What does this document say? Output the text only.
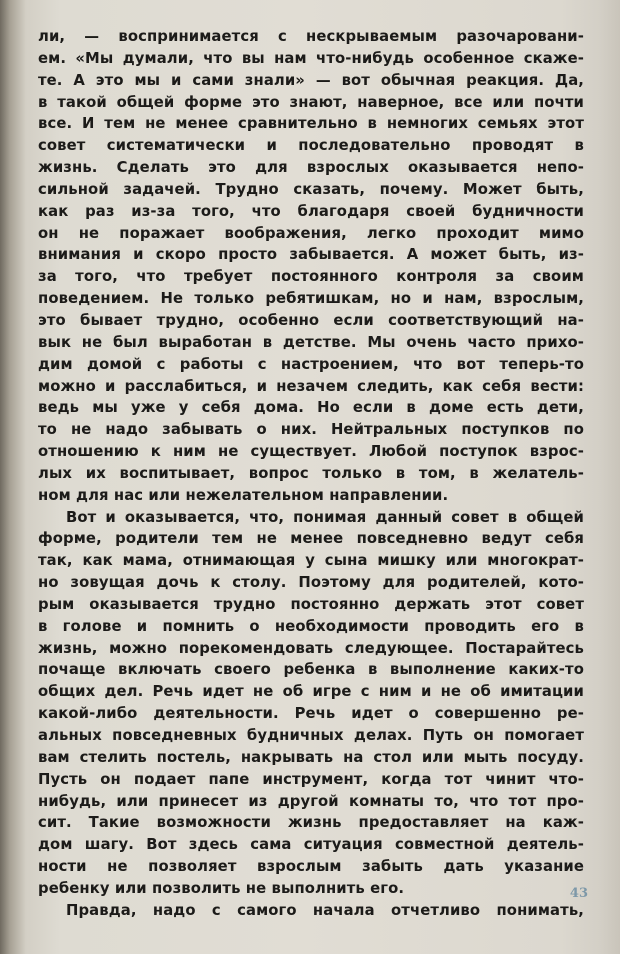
ли, — воспринимается с нескрываемым разочаровани-
ем. «Мы думали, что вы нам что-нибудь особенное скаже-
те. А это мы и сами знали» — вот обычная реакция. Да,
в такой общей форме это знают, наверное, все или почти
все. И тем не менее сравнительно в немногих семьях этот
совет систематически и последовательно проводят в
жизнь. Сделать это для взрослых оказывается непо-
сильной задачей. Трудно сказать, почему. Может быть,
как раз из-за того, что благодаря своей будничности
он не поражает воображения, легко проходит мимо
внимания и скоро просто забывается. А может быть, из-
за того, что требует постоянного контроля за своим
поведением. Не только ребятишкам, но и нам, взрослым,
это бывает трудно, особенно если соответствующий на-
вык не был выработан в детстве. Мы очень часто прихо-
дим домой с работы с настроением, что вот теперь-то
можно и расслабиться, и незачем следить, как себя вести:
ведь мы уже у себя дома. Но если в доме есть дети,
то не надо забывать о них. Нейтральных поступков по
отношению к ним не существует. Любой поступок взрос-
лых их воспитывает, вопрос только в том, в желатель-
ном для нас или нежелательном направлении.
Вот и оказывается, что, понимая данный совет в общей
форме, родители тем не менее повседневно ведут себя
так, как мама, отнимающая у сына мишку или многократ-
но зовущая дочь к столу. Поэтому для родителей, кото-
рым оказывается трудно постоянно держать этот совет
в голове и помнить о необходимости проводить его в
жизнь, можно порекомендовать следующее. Постарайтесь
почаще включать своего ребенка в выполнение каких-то
общих дел. Речь идет не об игре с ним и не об имитации
какой-либо деятельности. Речь идет о совершенно ре-
альных повседневных будничных делах. Путь он помогает
вам стелить постель, накрывать на стол или мыть посуду.
Пусть он подает папе инструмент, когда тот чинит что-
нибудь, или принесет из другой комнаты то, что тот про-
сит. Такие возможности жизнь предоставляет на каж-
дом шагу. Вот здесь сама ситуация совместной деятель-
ности не позволяет взрослым забыть дать указание
ребенку или позволить не выполнить его.
Правда, надо с самого начала отчетливо понимать,
43
